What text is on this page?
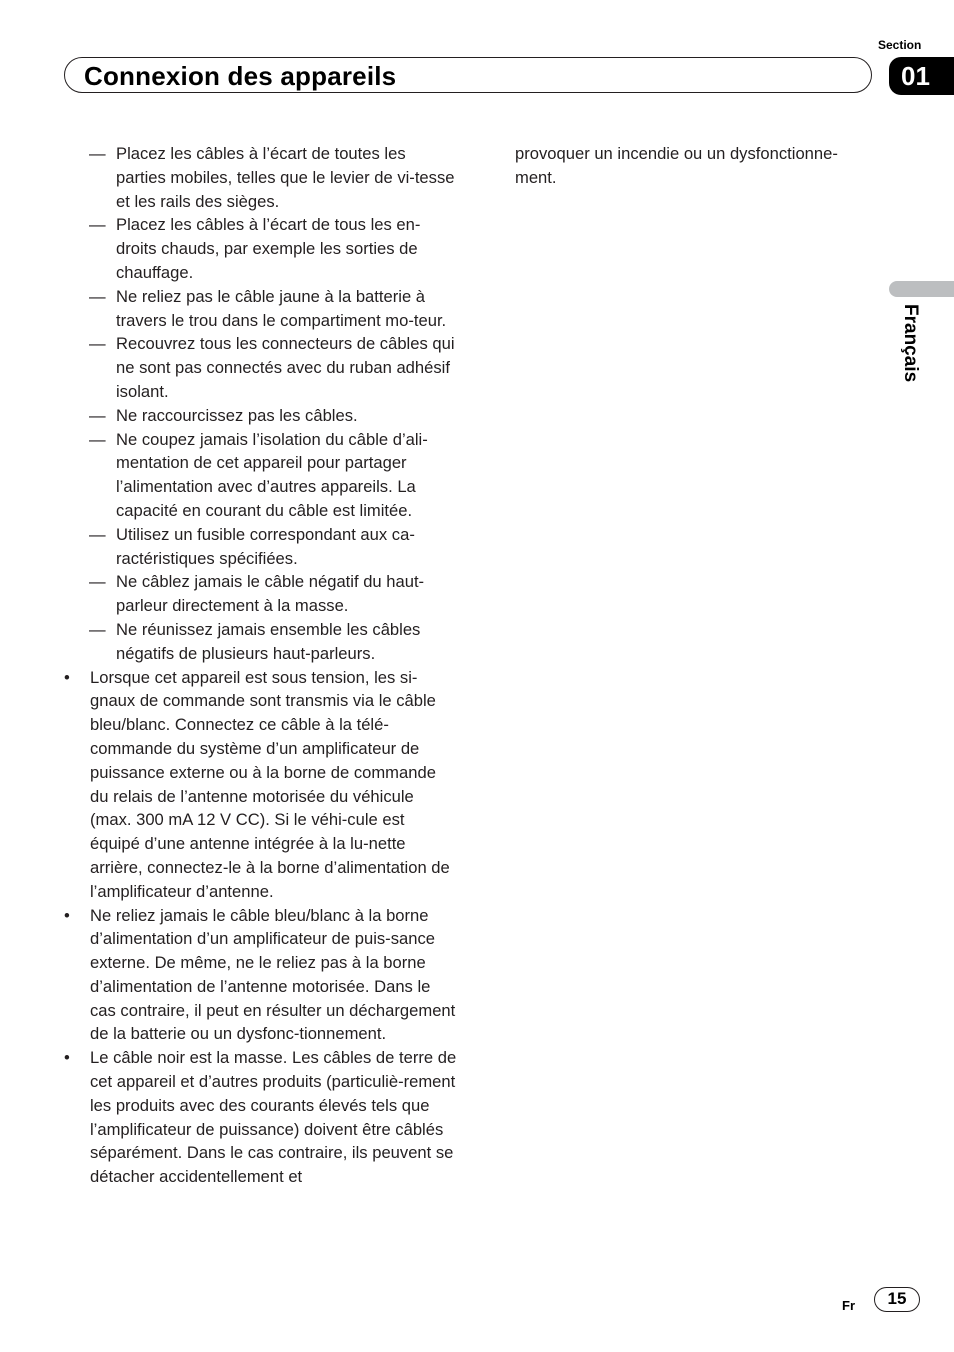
Section
Connexion des appareils	01
Français
— Placez les câbles à l’écart de toutes les parties mobiles, telles que le levier de vi-tesse et les rails des sièges.
— Placez les câbles à l’écart de tous les en-droits chauds, par exemple les sorties de chauffage.
— Ne reliez pas le câble jaune à la batterie à travers le trou dans le compartiment mo-teur.
— Recouvrez tous les connecteurs de câbles qui ne sont pas connectés avec du ruban adhésif isolant.
— Ne raccourcissez pas les câbles.
— Ne coupez jamais l’isolation du câble d’ali-mentation de cet appareil pour partager l’alimentation avec d’autres appareils. La capacité en courant du câble est limitée.
— Utilisez un fusible correspondant aux ca-ractéristiques spécifiées.
— Ne câblez jamais le câble négatif du haut-parleur directement à la masse.
— Ne réunissez jamais ensemble les câbles négatifs de plusieurs haut-parleurs.
• Lorsque cet appareil est sous tension, les si-gnaux de commande sont transmis via le câble bleu/blanc. Connectez ce câble à la télé-commande du système d’un amplificateur de puissance externe ou à la borne de commande du relais de l’antenne motorisée du véhicule (max. 300 mA 12 V CC). Si le véhi-cule est équipé d’une antenne intégrée à la lu-nette arrière, connectez-le à la borne d’alimentation de l’amplificateur d’antenne.
• Ne reliez jamais le câble bleu/blanc à la borne d’alimentation d’un amplificateur de puis-sance externe. De même, ne le reliez pas à la borne d’alimentation de l’antenne motorisée. Dans le cas contraire, il peut en résulter un déchargement de la batterie ou un dysfonc-tionnement.
• Le câble noir est la masse. Les câbles de terre de cet appareil et d’autres produits (particuliè-rement les produits avec des courants élevés tels que l’amplificateur de puissance) doivent être câblés séparément. Dans le cas contraire, ils peuvent se détacher accidentellement et

provoquer un incendie ou un dysfonctionne-ment.

Fr	15
